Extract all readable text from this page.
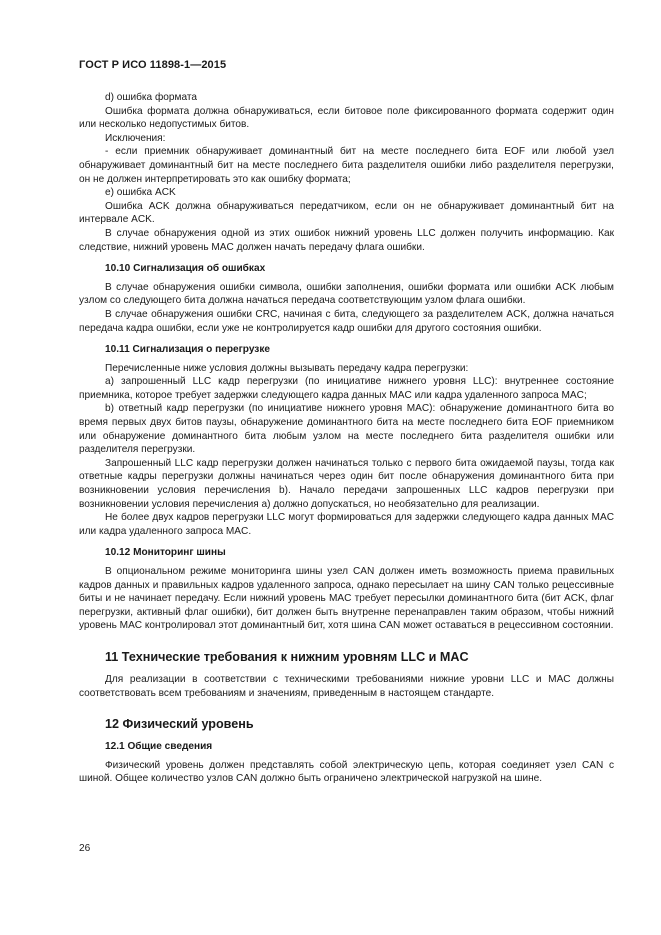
ГОСТ Р ИСО 11898-1—2015

d) ошибка формата

Ошибка формата должна обнаруживаться, если битовое поле фиксированного формата содержит один или несколько недопустимых битов.

Исключения:

- если приемник обнаруживает доминантный бит на месте последнего бита EOF или любой узел обнаруживает доминантный бит на месте последнего бита разделителя ошибки либо разделителя перегрузки, он не должен интерпретировать это как ошибку формата;

e) ошибка ACK

Ошибка ACK должна обнаруживаться передатчиком, если он не обнаруживает доминантный бит на интервале ACK.

В случае обнаружения одной из этих ошибок нижний уровень LLC должен получить информацию. Как следствие, нижний уровень MAC должен начать передачу флага ошибки.

10.10 Сигнализация об ошибках

В случае обнаружения ошибки символа, ошибки заполнения, ошибки формата или ошибки ACK любым узлом со следующего бита должна начаться передача соответствующим узлом флага ошибки.

В случае обнаружения ошибки CRC, начиная с бита, следующего за разделителем ACK, должна начаться передача кадра ошибки, если уже не контролируется кадр ошибки для другого состояния ошибки.

10.11 Сигнализация о перегрузке

Перечисленные ниже условия должны вызывать передачу кадра перегрузки:

a) запрошенный LLC кадр перегрузки (по инициативе нижнего уровня LLC): внутреннее состояние приемника, которое требует задержки следующего кадра данных MAC или кадра удаленного запроса MAC;

b) ответный кадр перегрузки (по инициативе нижнего уровня MAC): обнаружение доминантного бита во время первых двух битов паузы, обнаружение доминантного бита на месте последнего бита EOF приемником или обнаружение доминантного бита любым узлом на месте последнего бита разделителя ошибки или разделителя перегрузки.

Запрошенный LLC кадр перегрузки должен начинаться только с первого бита ожидаемой паузы, тогда как ответные кадры перегрузки должны начинаться через один бит после обнаружения доминантного бита при возникновении условия перечисления b). Начало передачи запрошенных LLC кадров перегрузки при возникновении условия перечисления a) должно допускаться, но необязательно для реализации.

Не более двух кадров перегрузки LLC могут формироваться для задержки следующего кадра данных MAC или кадра удаленного запроса MAC.

10.12 Мониторинг шины

В опциональном режиме мониторинга шины узел CAN должен иметь возможность приема правильных кадров данных и правильных кадров удаленного запроса, однако пересылает на шину CAN только рецессивные биты и не начинает передачу. Если нижний уровень MAC требует пересылки доминантного бита (бит ACK, флаг перегрузки, активный флаг ошибки), бит должен быть внутренне перенаправлен таким образом, чтобы нижний уровень MAC контролировал этот доминантный бит, хотя шина CAN может оставаться в рецессивном состоянии.

11 Технические требования к нижним уровням LLC и MAC

Для реализации в соответствии с техническими требованиями нижние уровни LLC и MAC должны соответствовать всем требованиям и значениям, приведенным в настоящем стандарте.

12 Физический уровень
12.1 Общие сведения

Физический уровень должен представлять собой электрическую цепь, которая соединяет узел CAN с шиной. Общее количество узлов CAN должно быть ограничено электрической нагрузкой на шине.

26
